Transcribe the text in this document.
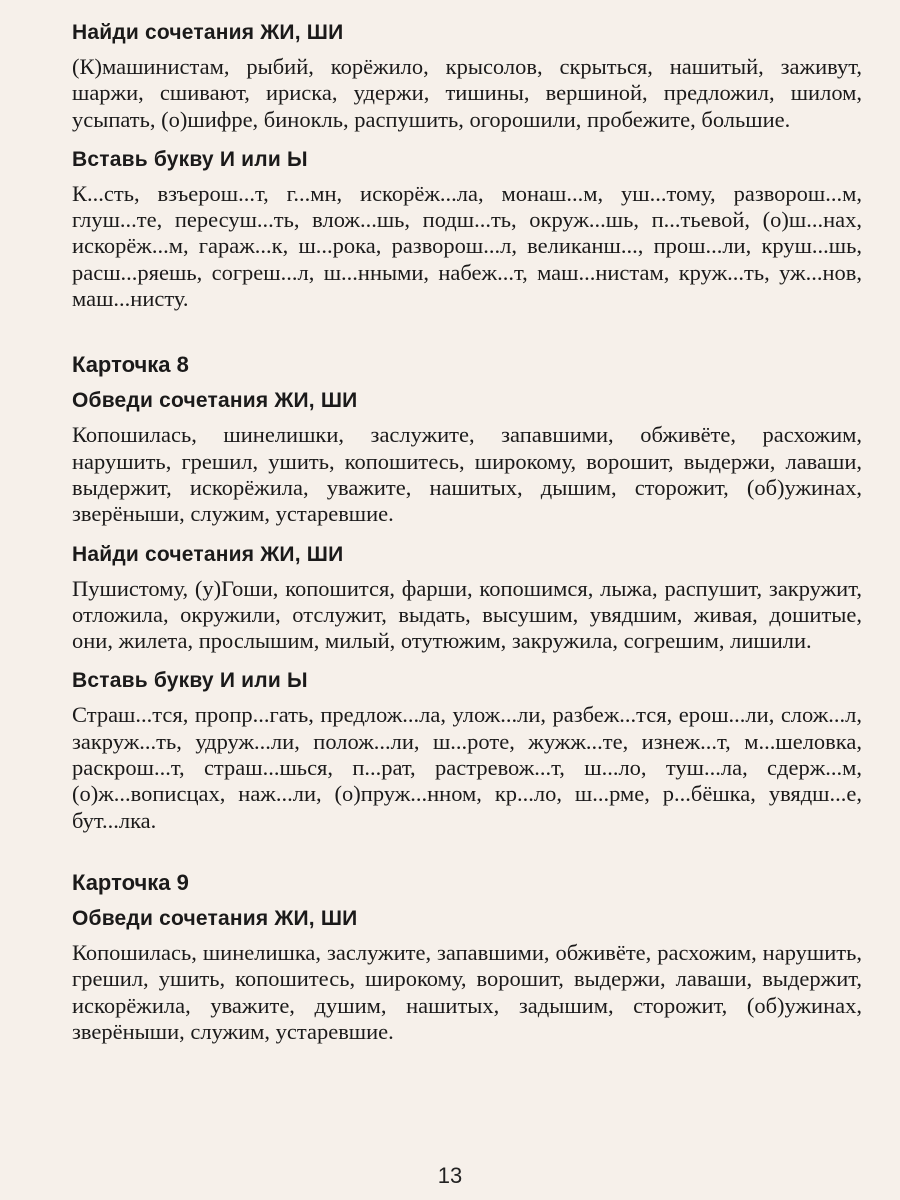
Найди сочетания ЖИ, ШИ
(К)машинистам, рыбий, корёжило, крысолов, скрыться, нашитый, заживут,
шаржи, сшивают, ириска, удержи, тишины, вершиной, предложил, шилом,
усыпать, (о)шифре, бинокль, распушить, огорошили, пробежите, большие.
Вставь букву И или Ы
К...сть, взъерош...т, г...мн, искорёж...ла, монаш...м, уш...тому, разворош...м,
глуш...те, пересуш...ть, влож...шь, подш...ть, окруж...шь, п...тьевой, (о)ш...нах,
искорёж...м, гараж...к, ш...рока, разворош...л, великанш..., прош...ли, круш...шь,
расш...ряешь, согреш...л, ш...нными, набеж...т, маш...нистам, круж...ть, уж...нов,
маш...нисту.
Карточка 8
Обведи сочетания ЖИ, ШИ
Копошилась, шинелишки, заслужите, запавшими, обживёте, расхожим,
нарушить, грешил, ушить, копошитесь, широкому, ворошит, выдержи, лаваши,
выдержит, искорёжила, уважите, нашитых, дышим, сторожит, (об)ужинах,
зверёныши, служим, устаревшие.
Найди сочетания ЖИ, ШИ
Пушистому, (у)Гоши, копошится, фарши, копошимся, лыжа, распушит, закружит,
отложила, окружили, отслужит, выдать, высушим, увядшим, живая, дошитые,
они, жилета, прослышим, милый, отутюжим, закружила, согрешим, лишили.
Вставь букву И или Ы
Страш...тся, пропр...гать, предлож...ла, улож...ли, разбеж...тся, ерош...ли, слож...л,
закруж...ть, удруж...ли, полож...ли, ш...роте, жужж...те, изнеж...т, м...шеловка,
раскрош...т, страш...шься, п...рат, растревож...т, ш...ло, туш...ла, сдерж...м,
(о)ж...вописцах, наж...ли, (о)пруж...нном, кр...ло, ш...рме, р...бёшка, увядш...е,
бут...лка.
Карточка 9
Обведи сочетания ЖИ, ШИ
Копошилась, шинелишка, заслужите, запавшими, обживёте, расхожим, нарушить,
грешил, ушить, копошитесь, широкому, ворошит, выдержи, лаваши, выдержит,
искорёжила, уважите, душим, нашитых, задышим, сторожит, (об)ужинах,
зверёныши, служим, устаревшие.
13
